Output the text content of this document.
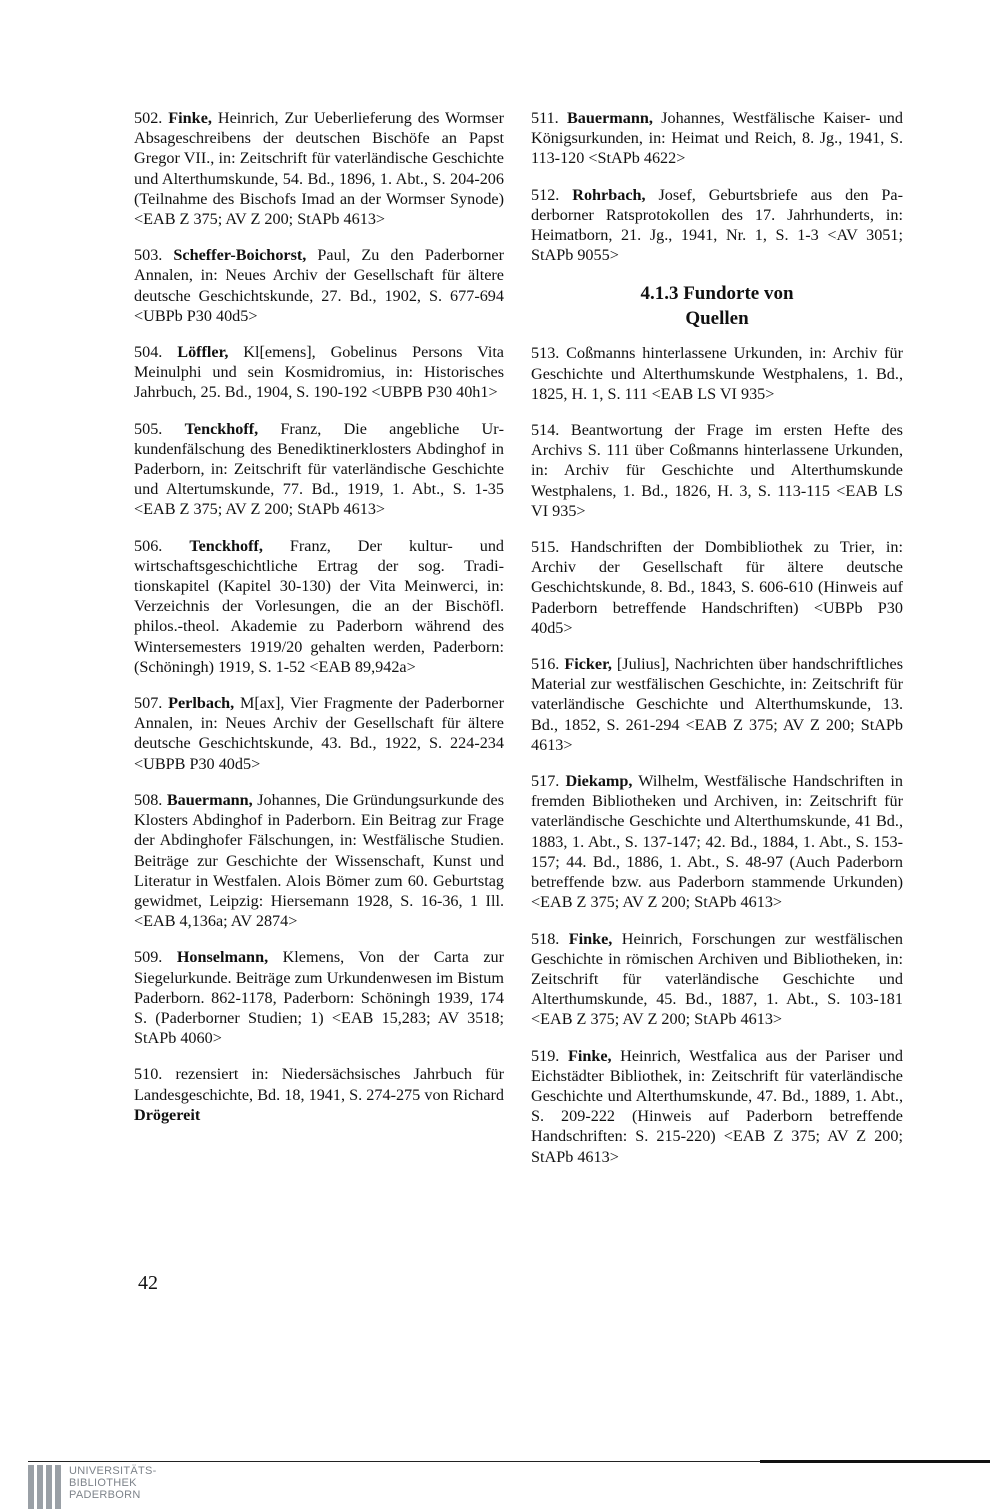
502. Finke, Heinrich, Zur Ueberlieferung des Wormser Absageschreibens der deutschen Bischöfe an Papst Gregor VII., in: Zeitschrift für vaterländische Geschichte und Alterthumskunde, 54. Bd., 1896, 1. Abt., S. 204-206 (Teilnahme des Bischofs Imad an der Wormser Synode) <EAB Z 375; AV Z 200; StAPb 4613>

503. Scheffer-Boichorst, Paul, Zu den Paderborner Annalen, in: Neues Archiv der Gesellschaft für ältere deutsche Geschichtskunde, 27. Bd., 1902, S. 677-694 <UBPb P30 40d5>

504. Löffler, Kl[emens], Gobelinus Persons Vita Meinulphi und sein Kosmidromius, in: Historisches Jahrbuch, 25. Bd., 1904, S. 190-192 <UBPB P30 40h1>

505. Tenckhoff, Franz, Die angebliche Urkundenfälschung des Benediktinerklosters Abdinghof in Paderborn, in: Zeitschrift für vaterländische Geschichte und Altertumskunde, 77. Bd., 1919, 1. Abt., S. 1-35 <EAB Z 375; AV Z 200; StAPb 4613>

506. Tenckhoff, Franz, Der kultur- und wirtschaftsgeschichtliche Ertrag der sog. Traditionskapitel (Kapitel 30-130) der Vita Meinwerci, in: Verzeichnis der Vorlesungen, die an der Bischöfl. philos.-theol. Akademie zu Paderborn während des Wintersemesters 1919/20 gehalten werden, Paderborn: (Schöningh) 1919, S. 1-52 <EAB 89,942a>

507. Perlbach, M[ax], Vier Fragmente der Paderborner Annalen, in: Neues Archiv der Gesellschaft für ältere deutsche Geschichtskunde, 43. Bd., 1922, S. 224-234 <UBPB P30 40d5>

508. Bauermann, Johannes, Die Gründungsurkunde des Klosters Abdinghof in Paderborn. Ein Beitrag zur Frage der Abdinghofer Fälschungen, in: Westfälische Studien. Beiträge zur Geschichte der Wissenschaft, Kunst und Literatur in Westfalen. Alois Bömer zum 60. Geburtstag gewidmet, Leipzig: Hiersemann 1928, S. 16-36, 1 Ill. <EAB 4,136a; AV 2874>

509. Honselmann, Klemens, Von der Carta zur Siegelurkunde. Beiträge zum Urkundenwesen im Bistum Paderborn. 862-1178, Paderborn: Schöningh 1939, 174 S. (Paderborner Studien; 1) <EAB 15,283; AV 3518; StAPb 4060>

510. rezensiert in: Niedersächsisches Jahrbuch für Landesgeschichte, Bd. 18, 1941, S. 274-275 von Richard Drögereit

511. Bauermann, Johannes, Westfälische Kaiser- und Königsurkunden, in: Heimat und Reich, 8. Jg., 1941, S. 113-120 <StAPb 4622>

512. Rohrbach, Josef, Geburtsbriefe aus den Paderborner Ratsprotokollen des 17. Jahrhunderts, in: Heimatborn, 21. Jg., 1941, Nr. 1, S. 1-3 <AV 3051; StAPb 9055>

4.1.3 Fundorte von
Quellen

513. Coßmanns hinterlassene Urkunden, in: Archiv für Geschichte und Alterthumskunde Westphalens, 1. Bd., 1825, H. 1, S. 111 <EAB LS VI 935>

514. Beantwortung der Frage im ersten Hefte des Archivs S. 111 über Coßmanns hinterlassene Urkunden, in: Archiv für Geschichte und Alterthumskunde Westphalens, 1. Bd., 1826, H. 3, S. 113-115 <EAB LS VI 935>

515. Handschriften der Dombibliothek zu Trier, in: Archiv der Gesellschaft für ältere deutsche Geschichtskunde, 8. Bd., 1843, S. 606-610 (Hinweis auf Paderborn betreffende Handschriften) <UBPb P30 40d5>

516. Ficker, [Julius], Nachrichten über handschriftliches Material zur westfälischen Geschichte, in: Zeitschrift für vaterländische Geschichte und Alterthumskunde, 13. Bd., 1852, S. 261-294 <EAB Z 375; AV Z 200; StAPb 4613>

517. Diekamp, Wilhelm, Westfälische Handschriften in fremden Bibliotheken und Archiven, in: Zeitschrift für vaterländische Geschichte und Alterthumskunde, 41 Bd., 1883, 1. Abt., S. 137-147; 42. Bd., 1884, 1. Abt., S. 153-157; 44. Bd., 1886, 1. Abt., S. 48-97 (Auch Paderborn betreffende bzw. aus Paderborn stammende Urkunden) <EAB Z 375; AV Z 200; StAPb 4613>

518. Finke, Heinrich, Forschungen zur westfälischen Geschichte in römischen Archiven und Bibliotheken, in: Zeitschrift für vaterländische Geschichte und Alterthumskunde, 45. Bd., 1887, 1. Abt., S. 103-181 <EAB Z 375; AV Z 200; StAPb 4613>

519. Finke, Heinrich, Westfalica aus der Pariser und Eichstädter Bibliothek, in: Zeitschrift für vaterländische Geschichte und Alterthumskunde, 47. Bd., 1889, 1. Abt., S. 209-222 (Hinweis auf Paderborn betreffende Handschriften: S. 215-220) <EAB Z 375; AV Z 200; StAPb 4613>

42
UNIVERSITÄTS-
BIBLIOTHEK
PADERBORN
